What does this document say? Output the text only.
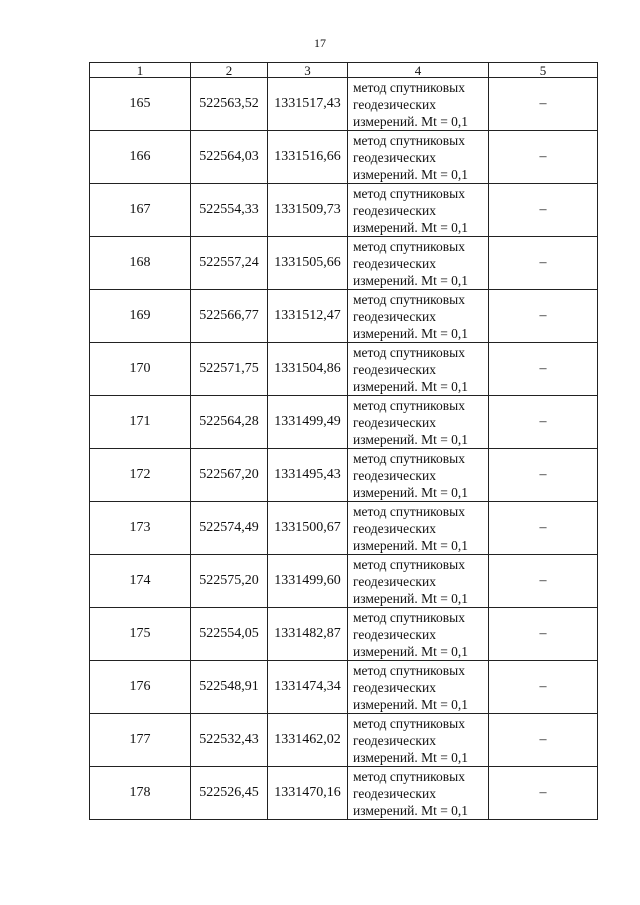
17
1	2	3	4	5
165	522563,52	1331517,43	метод спутниковых
геодезических
измерений. Mt = 0,1	–
166	522564,03	1331516,66	метод спутниковых
геодезических
измерений. Mt = 0,1	–
167	522554,33	1331509,73	метод спутниковых
геодезических
измерений. Mt = 0,1	–
168	522557,24	1331505,66	метод спутниковых
геодезических
измерений. Mt = 0,1	–
169	522566,77	1331512,47	метод спутниковых
геодезических
измерений. Mt = 0,1	–
170	522571,75	1331504,86	метод спутниковых
геодезических
измерений. Mt = 0,1	–
171	522564,28	1331499,49	метод спутниковых
геодезических
измерений. Mt = 0,1	–
172	522567,20	1331495,43	метод спутниковых
геодезических
измерений. Mt = 0,1	–
173	522574,49	1331500,67	метод спутниковых
геодезических
измерений. Mt = 0,1	–
174	522575,20	1331499,60	метод спутниковых
геодезических
измерений. Mt = 0,1	–
175	522554,05	1331482,87	метод спутниковых
геодезических
измерений. Mt = 0,1	–
176	522548,91	1331474,34	метод спутниковых
геодезических
измерений. Mt = 0,1	–
177	522532,43	1331462,02	метод спутниковых
геодезических
измерений. Mt = 0,1	–
178	522526,45	1331470,16	метод спутниковых
геодезических
измерений. Mt = 0,1	–
